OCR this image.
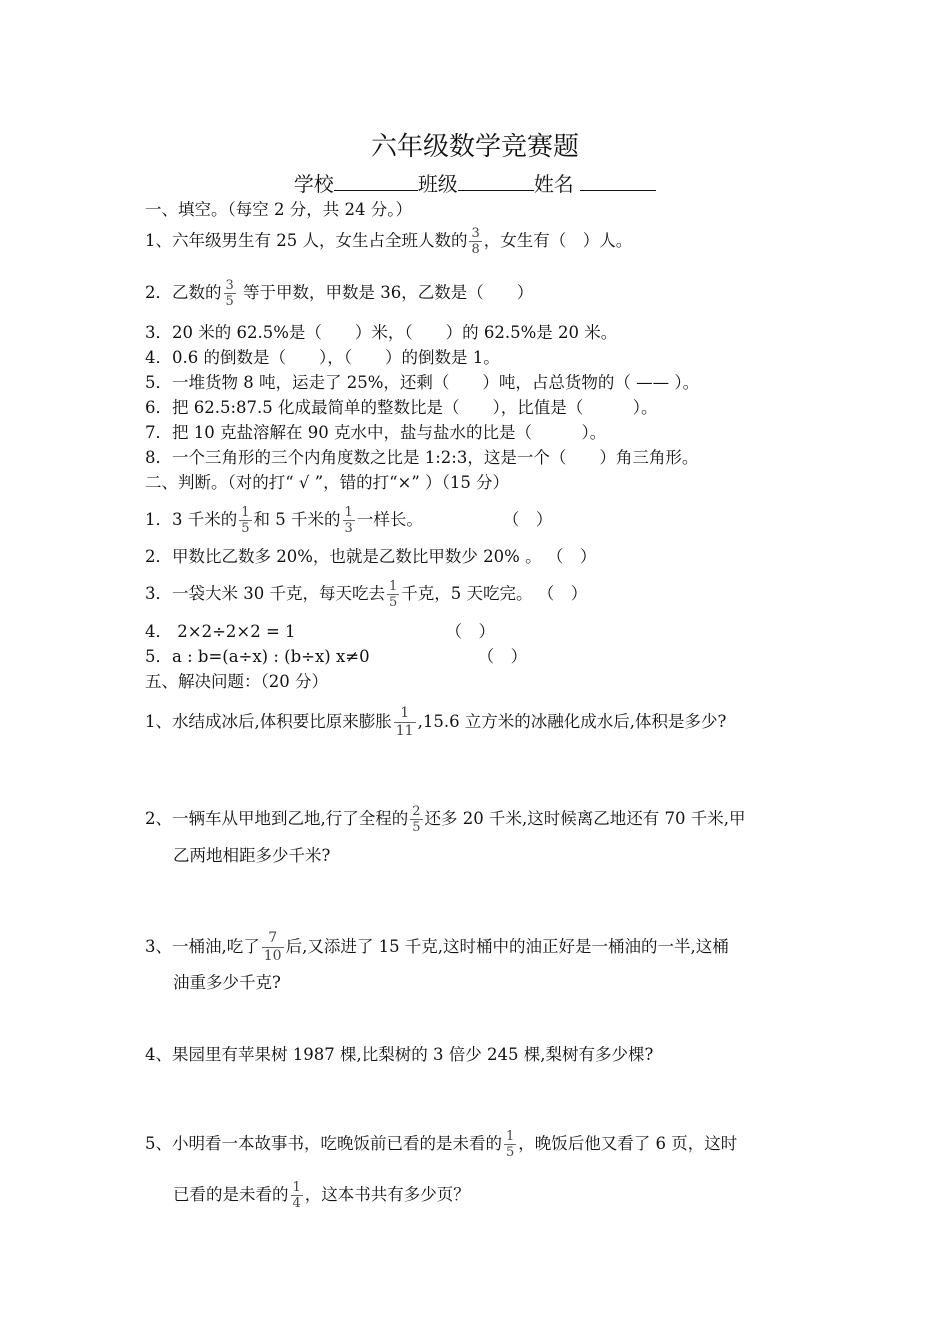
六年级数学竞赛题
学校	班级	姓名
一、填空。（每空 2 分，共 24 分。）
1、六年级男生有 25 人，女生占全班人数的 $\frac{3}{8}$ ，女生有（　）人。
2．乙数的 $\frac{3}{5}$ 等于甲数，甲数是 36，乙数是（　　）
3．20 米的 62.5%是（　　）米，（　　）的 62.5%是 20 米。
4．0.6 的倒数是（　　），（　　）的倒数是 1。
5．一堆货物 8 吨，运走了 25%，还剩（　　）吨，占总货物的（ —— ）。
6．把 62.5:87.5 化成最简单的整数比是（　　），比值是（　　　）。
7．把 10 克盐溶解在 90 克水中，盐与盐水的比是（　　　）。
8．一个三角形的三个内角度数之比是 1:2:3，这是一个（　　）角三角形。
二、判断。（对的打“ √ ”，错的打“×” ）（15 分）
1．3 千米的 $\frac{1}{5}$ 和 5 千米的 $\frac{1}{3}$ 一样长。	（　）
2．甲数比乙数多 20%，也就是乙数比甲数少 20% 。 （　）
3．一袋大米 30 千克，每天吃去 $\frac{1}{5}$ 千克，5 天吃完。 （　）
4． 2×2÷2×2 = 1	（　）
5．a : b=(a÷x) : (b÷x) x≠0	（　）
五、解决问题：（20 分）
1、水结成冰后,体积要比原来膨胀 $\frac{1}{11} ,15.6$ 立方米的冰融化成水后,体积是多少?
2、一辆车从甲地到乙地,行了全程的 $\frac{2}{5}$ 还多 20 千米,这时候离乙地还有 70 千米,甲
乙两地相距多少千米?
3、一桶油,吃了 $\frac{7}{10}$ 后,又添进了 15 千克,这时桶中的油正好是一桶油的一半,这桶
油重多少千克?
4、果园里有苹果树 1987 棵,比梨树的 3 倍少 245 棵,梨树有多少棵?
5、小明看一本故事书，吃晚饭前已看的是未看的 $\frac{1}{5}$ ，晚饭后他又看了 6 页，这时
已看的是未看的 $\frac{1}{4}$ ，这本书共有多少页？
